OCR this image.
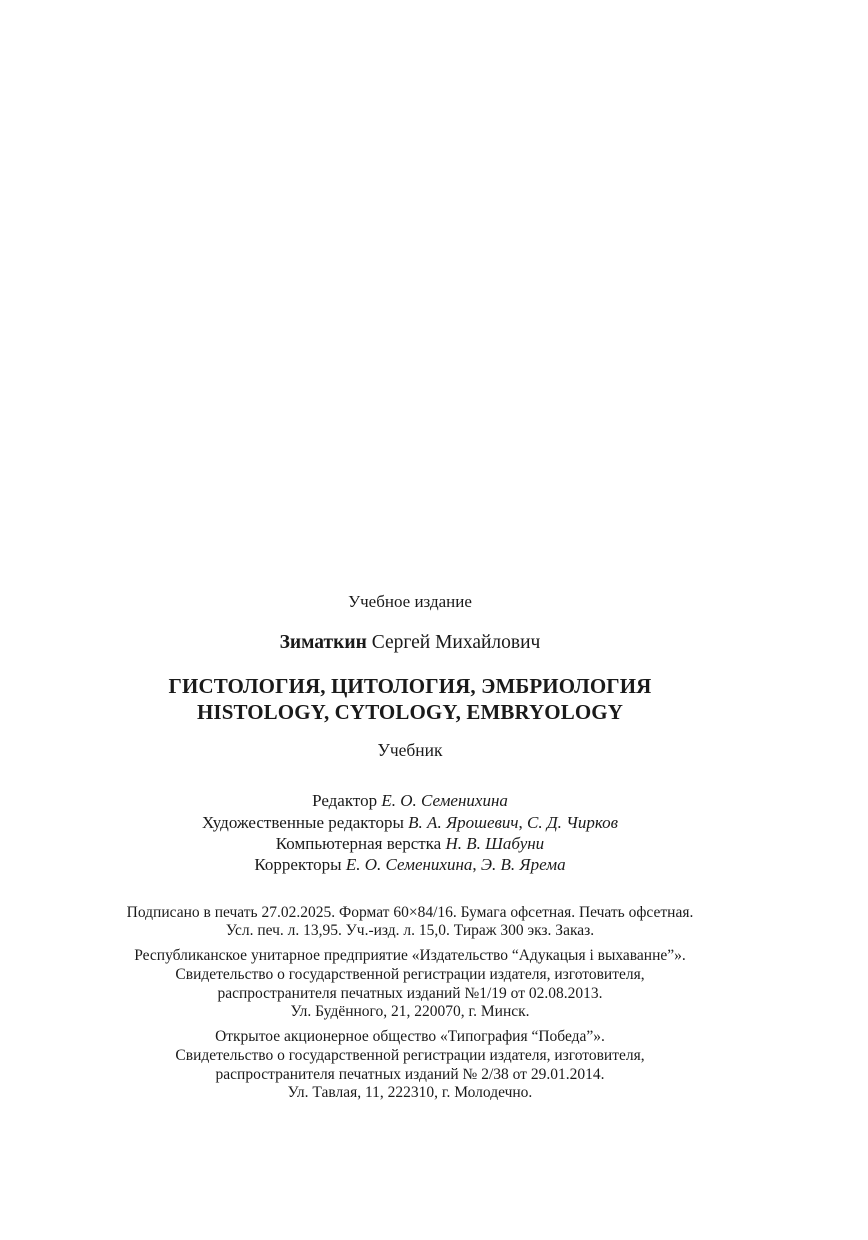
Учебное издание
Зиматкин Сергей Михайлович
ГИСТОЛОГИЯ, ЦИТОЛОГИЯ, ЭМБРИОЛОГИЯ
HISTOLOGY, CYTOLOGY, EMBRYOLOGY
Учебник
Редактор Е. О. Семенихина
Художественные редакторы В. А. Ярошевич, С. Д. Чирков
Компьютерная верстка Н. В. Шабуни
Корректоры Е. О. Семенихина, Э. В. Ярема
Подписано в печать 27.02.2025. Формат 60×84/16. Бумага офсетная. Печать офсетная.
Усл. печ. л. 13,95. Уч.-изд. л. 15,0. Тираж 300 экз. Заказ.
Республиканское унитарное предприятие «Издательство “Адукацыя і выхаванне”».
Свидетельство о государственной регистрации издателя, изготовителя,
распространителя печатных изданий №1/19 от 02.08.2013.
Ул. Будённого, 21, 220070, г. Минск.
Открытое акционерное общество «Типография “Победа”».
Свидетельство о государственной регистрации издателя, изготовителя,
распространителя печатных изданий № 2/38 от 29.01.2014.
Ул. Тавлая, 11, 222310, г. Молодечно.
